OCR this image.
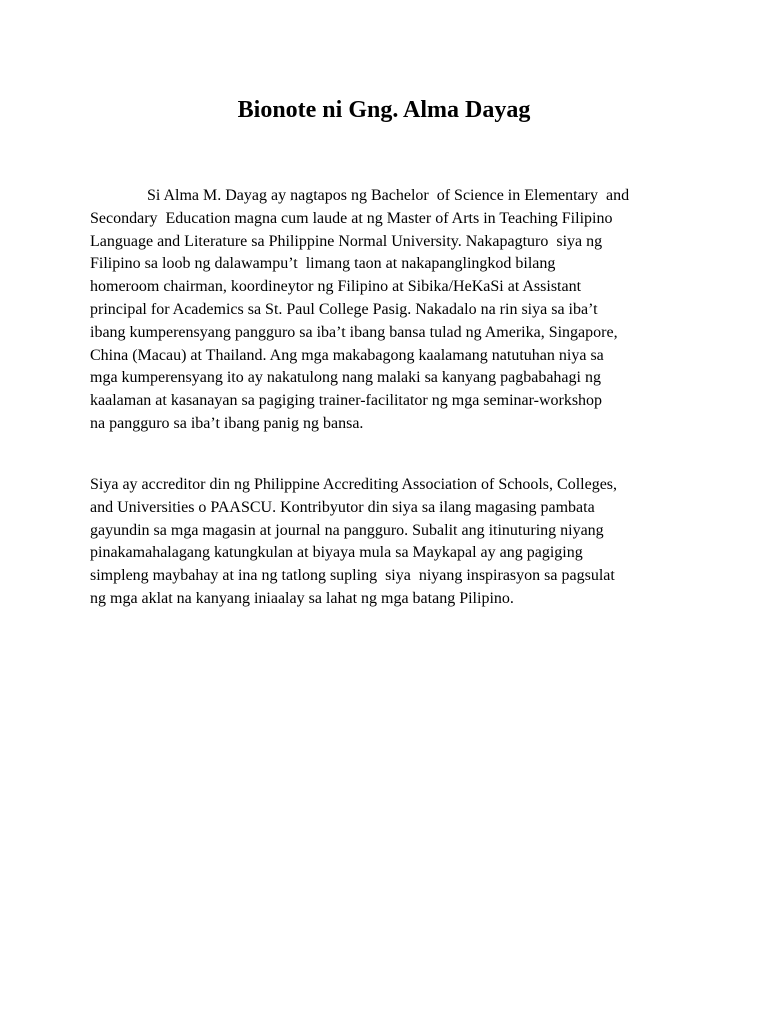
Bionote ni Gng. Alma Dayag

Si Alma M. Dayag ay nagtapos ng Bachelor  of Science in Elementary  and
Secondary  Education magna cum laude at ng Master of Arts in Teaching Filipino
Language and Literature sa Philippine Normal University. Nakapagturo  siya ng
Filipino sa loob ng dalawampu’t  limang taon at nakapanglingkod bilang
homeroom chairman, koordineytor ng Filipino at Sibika/HeKaSi at Assistant
principal for Academics sa St. Paul College Pasig. Nakadalo na rin siya sa iba’t
ibang kumperensyang pangguro sa iba’t ibang bansa tulad ng Amerika, Singapore,
China (Macau) at Thailand. Ang mga makabagong kaalamang natutuhan niya sa
mga kumperensyang ito ay nakatulong nang malaki sa kanyang pagbabahagi ng
kaalaman at kasanayan sa pagiging trainer-facilitator ng mga seminar-workshop
na pangguro sa iba’t ibang panig ng bansa.

Siya ay accreditor din ng Philippine Accrediting Association of Schools, Colleges,
and Universities o PAASCU. Kontribyutor din siya sa ilang magasing pambata
gayundin sa mga magasin at journal na pangguro. Subalit ang itinuturing niyang
pinakamahalagang katungkulan at biyaya mula sa Maykapal ay ang pagiging
simpleng maybahay at ina ng tatlong supling  siya  niyang inspirasyon sa pagsulat
ng mga aklat na kanyang iniaalay sa lahat ng mga batang Pilipino.
